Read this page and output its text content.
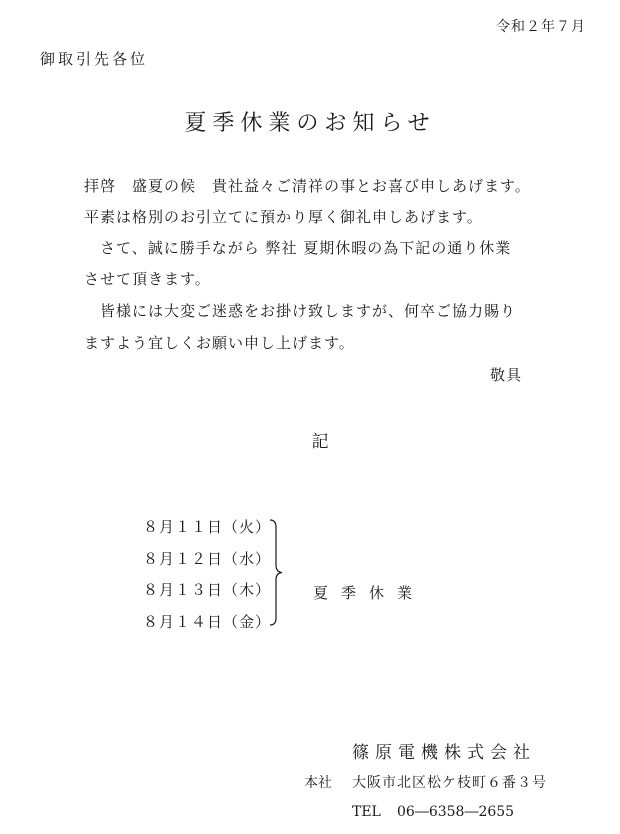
令和２年７月
御取引先各位
夏季休業のお知らせ
拝啓　盛夏の候　貴社益々ご清祥の事とお喜び申しあげます。
平素は格別のお引立てに預かり厚く御礼申しあげます。
　さて、誠に勝手ながら 弊社 夏期休暇の為下記の通り休業
させて頂きます。
　皆様には大変ご迷惑をお掛け致しますが、何卒ご協力賜り
ますよう宜しくお願い申し上げます。
敬具
記
８月１１日（火）
８月１２日（水）
８月１３日（木）
８月１４日（金）
夏季休業
篠原電機株式会社
本社 大阪市北区松ケ枝町６番３号
TEL 06―6358―2655
